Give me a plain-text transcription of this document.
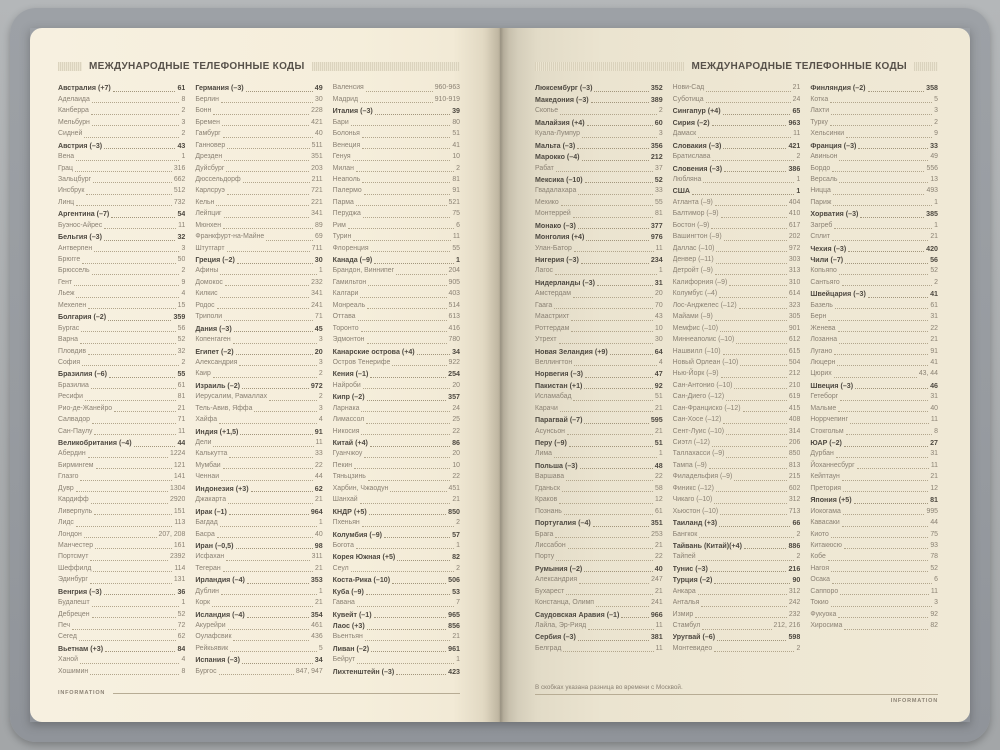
МЕЖДУНАРОДНЫЕ ТЕЛЕФОННЫЕ КОДЫ
Австралия (+7)	61
Аделаида	8
Канберра	2
Мельбурн	3
Сидней	2
Австрия (–3)	43
Вена	1
Грац	316
Зальцбург	662
Инсбрук	512
Линц	732
Аргентина (–7)	54
Буэнос-Айрес	11
Бельгия (–3)	32
Антверпен	3
Брюгге	50
Брюссель	2
Гент	9
Льеж	4
Мехелен	15
Болгария (–2)	359
Бургас	56
Варна	52
Пловдив	32
София	2
Бразилия (–6)	55
Бразилиа	61
Ресифи	81
Рио-де-Жанейро	21
Салвадор	71
Сан-Паулу	11
Великобритания (–4)	44
Абердин	1224
Бирмингем	121
Глазго	141
Дувр	1304
Кардифф	2920
Ливерпуль	151
Лидс	113
Лондон	207, 208
Манчестер	161
Портсмут	2392
Шеффилд	114
Эдинбург	131
Венгрия (–3)	36
Будапешт	1
Дебрецен	52
Печ	72
Сегед	62
Вьетнам (+3)	84
Ханой	4
Хошимин	8
Германия (–3)	49
Берлин	30
Бонн	228
Бремен	421
Гамбург	40
Ганновер	511
Дрезден	351
Дуйсбург	203
Дюссельдорф	211
Карлсруэ	721
Кельн	221
Лейпциг	341
Мюнхен	89
Франкфурт-на-Майне	69
Штутгарт	711
Греция (–2)	30
Афины	1
Домокос	232
Килкис	341
Родос	241
Триполи	71
Дания (–3)	45
Копенгаген	3
Египет (–2)	20
Александрия	3
Каир	2
Израиль (–2)	972
Иерусалим, Рамаллах	2
Тель-Авив, Яффа	3
Хайфа	4
Индия (+1,5)	91
Дели	11
Калькутта	33
Мумбаи	22
Ченнаи	44
Индонезия (+3)	62
Джакарта	21
Ирак (–1)	964
Багдад	1
Басра	40
Иран (–0,5)	98
Исфахан	311
Тегеран	21
Ирландия (–4)	353
Дублин	1
Корк	21
Исландия (–4)	354
Акурейри	461
Оулафсвик	436
Рейкьявик	5
Испания (–3)	34
Бургос	847, 947
Валенсия	960-963
Мадрид	910-919
Италия (–3)	39
Бари	80
Болонья	51
Венеция	41
Генуя	10
Милан	2
Неаполь	81
Палермо	91
Парма	521
Перуджа	75
Рим	6
Турин	11
Флоренция	55
Канада (–9)	1
Брандон, Виннипег	204
Гамильтон	905
Калгари	403
Монреаль	514
Оттава	613
Торонто	416
Эдмонтон	780
Канарские острова (+4)	34
Остров Тенерифе	922
Кения (–1)	254
Найроби	20
Кипр (–2)	357
Ларнака	24
Лимассол	25
Никосия	22
Китай (+4)	86
Гуанчжоу	20
Пекин	10
Тяньцзинь	22
Харбин, Чжаодун	451
Шанхай	21
КНДР (+5)	850
Пхеньян	2
Колумбия (–9)	57
Богота	1
Корея Южная (+5)	82
Сеул	2
Коста-Рика (–10)	506
Куба (–9)	53
Гавана	7
Кувейт (–1)	965
Лаос (+3)	856
Вьентьян	21
Ливан (–2)	961
Бейрут	1
Лихтенштейн (–3)	423
INFORMATION
МЕЖДУНАРОДНЫЕ ТЕЛЕФОННЫЕ КОДЫ
Люксембург (–3)	352
Македония (–3)	389
Скопье	2
Малайзия (+4)	60
Куала-Лумпур	3
Мальта (–3)	356
Марокко (–4)	212
Рабат	37
Мексика (–10)	52
Гвадалахара	33
Мехико	55
Монтеррей	81
Монако (–3)	377
Монголия (+4)	976
Улан-Батор	11
Нигерия (–3)	234
Лагос	1
Нидерланды (–3)	31
Амстердам	20
Гаага	70
Маастрихт	43
Роттердам	10
Утрехт	30
Новая Зеландия (+9)	64
Веллингтон	4
Норвегия (–3)	47
Пакистан (+1)	92
Исламабад	51
Карачи	21
Парагвай (–7)	595
Асунсьон	21
Перу (–9)	51
Лима	1
Польша (–3)	48
Варшава	22
Гданьск	58
Краков	12
Познань	61
Португалия (–4)	351
Брага	253
Лиссабон	21
Порту	22
Румыния (–2)	40
Александрия	247
Бухарест	21
Констанца, Олимп	241
Саудовская Аравия (–1)	966
Лайла, Эр-Рияд	11
Сербия (–3)	381
Белград	11
Нови-Сад	21
Суботица	24
Сингапур (+4)	65
Сирия (–2)	963
Дамаск	11
Словакия (–3)	421
Братислава	2
Словения (–3)	386
Любляна	1
США	1
Атланта (–9)	404
Балтимор (–9)	410
Бостон (–9)	617
Вашингтон (–9)	202
Даллас (–10)	972
Денвер (–11)	303
Детройт (–9)	313
Калифорния (–9)	310
Колумбус (–4)	614
Лос-Анджелес (–12)	323
Майами (–9)	305
Мемфис (–10)	901
Миннеаполис (–10)	612
Нашвилл (–10)	615
Новый Орлеан (–10)	504
Нью-Йорк (–9)	212
Сан-Антонио (–10)	210
Сан-Диего (–12)	619
Сан-Франциско (–12)	415
Сан-Хосе (–12)	408
Сент-Луис (–10)	314
Сиэтл (–12)	206
Таллахасси (–9)	850
Тампа (–9)	813
Филадельфия (–9)	215
Финикс (–12)	602
Чикаго (–10)	312
Хьюстон (–10)	713
Таиланд (+3)	66
Бангкок	2
Тайвань (Китай)(+4)	886
Тайпей	2
Тунис (–3)	216
Турция (–2)	90
Анкара	312
Анталья	242
Измир	232
Стамбул	212, 216
Уругвай (–6)	598
Монтевидео	2
Финляндия (–2)	358
Котка	5
Лахти	3
Турку	2
Хельсинки	9
Франция (–3)	33
Авиньон	49
Бордо	556
Версаль	13
Ницца	493
Париж	1
Хорватия (–3)	385
Загреб	1
Сплит	21
Чехия (–3)	420
Чили (–7)	56
Копьяпо	52
Сантьяго	2
Швейцария (–3)	41
Базель	61
Берн	31
Женева	22
Лозанна	21
Лугано	91
Люцерн	41
Цюрих	43, 44
Швеция (–3)	46
Гетеборг	31
Мальме	40
Норрчепинг	11
Стокгольм	8
ЮАР (–2)	27
Дурбан	31
Йоханнесбург	11
Кейптаун	21
Претория	12
Япония (+5)	81
Иокогама	995
Кавасаки	44
Киото	75
Китакюсю	93
Кобе	78
Нагоя	52
Осака	6
Саппоро	11
Токио	3
Фукуока	92
Хиросима	82
В скобках указана разница во времени с Москвой.
INFORMATION
